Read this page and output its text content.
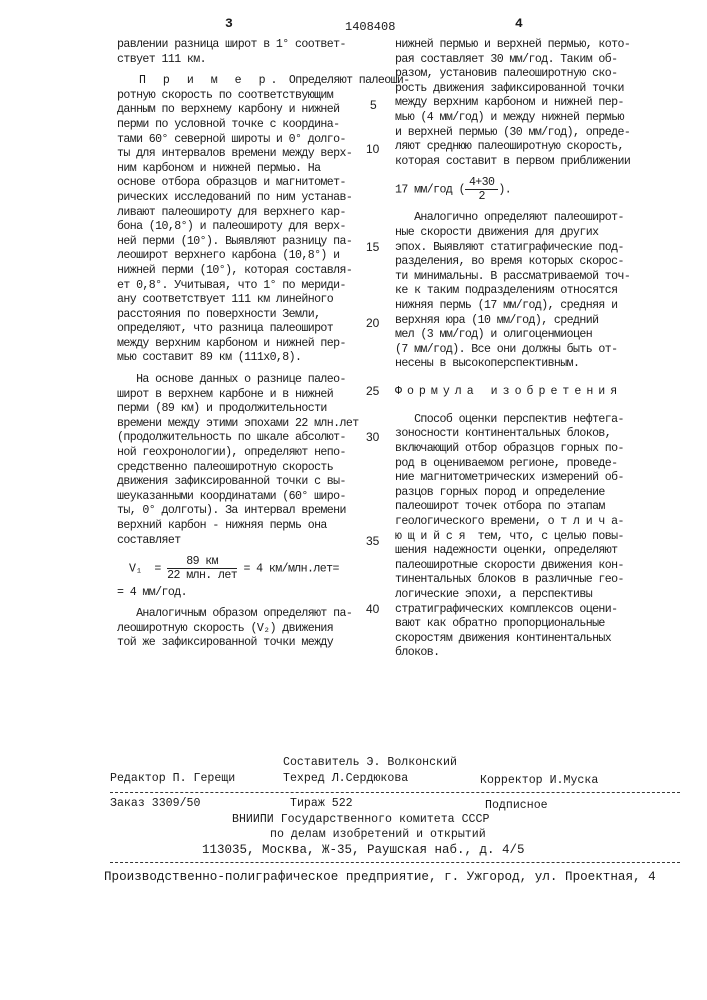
3	1408408	4
равлении разница широт в 1° соответ-
ствует 111 км.
П р и м е р. Определяют палеоши-
ротную скорость по соответствующим
данным по верхнему карбону и нижней
перми по условной точке с координа-
тами 60° северной широты и 0° долго-
ты для интервалов времени между верх-
ним карбоном и нижней пермью. На
основе отбора образцов и магнитомет-
рических исследований по ним устанав-
ливают палеошироту для верхнего кар-
бона (10,8°) и палеошироту для верх-
ней перми (10°). Выявляют разницу па-
леоширот верхнего карбона (10,8°) и
нижней перми (10°), которая составля-
ет 0,8°. Учитывая, что 1° по мериди-
ану соответствует 111 км линейного
расстояния по поверхности Земли,
определяют, что разница палеоширот
между верхним карбоном и нижней пер-
мью составит 89 км (111х0,8).
На основе данных о разнице палео-
широт в верхнем карбоне и в нижней
перми (89 км) и продолжительности
времени между этими эпохами 22 млн.лет
(продолжительность по шкале абсолют-
ной геохронологии), определяют непо-
средственно палеоширотную скорость
движения зафиксированной точки с вы-
шеуказанными координатами (60° широ-
ты, 0° долготы). За интервал времени
верхний карбон - нижняя пермь она
составляет
V₁  =
89 км
22 млн. лет = 4 км/млн.лет=
= 4 мм/год.
Аналогичным образом определяют па-
леоширотную скорость (V₂) движения
той же зафиксированной точки между
5
10
15
20
25
30
35
40
нижней пермью и верхней пермью, кото-
рая составляет 30 мм/год. Таким об-
разом, установив палеоширотную ско-
рость движения зафиксированной точки
между верхним карбоном и нижней пер-
мью (4 мм/год) и между нижней пермью
и верхней пермью (30 мм/год), опреде-
ляют среднюю палеоширотную скорость,
которая составит в первом приближении
17 мм/год (
4+30
2	).
Аналогично определяют палеоширот-
ные скорости движения для других
эпох. Выявляют статиграфические под-
разделения, во время которых скорос-
ти минимальны. В рассматриваемой точ-
ке к таким подразделениям относятся
нижняя пермь (17 мм/год), средняя и
верхняя юра (10 мм/год), средний
мел (3 мм/год) и олигоценмиоцен
(7 мм/год). Все они должны быть от-
несены в высокоперспективным.
Формула изобретения
Способ оценки перспектив нефтега-
зоносности континентальных блоков,
включающий отбор образцов горных по-
род в оцениваемом регионе, проведе-
ние магнитометрических измерений об-
разцов горных пород и определение
палеоширот точек отбора по этапам
геологического времени, о т л и ч а-
ю щ и й с я  тем, что, с целью повы-
шения надежности оценки, определяют
палеоширотные скорости движения кон-
тинентальных блоков в различные гео-
логические эпохи, а перспективы
стратиграфических комплексов оцени-
вают как обратно пропорциональные
скоростям движения континентальных
блоков.
Составитель Э. Волконский
Редактор П. Герещи	Техред Л.Сердюкова	Корректор И.Муска
Заказ 3309/50	Тираж 522	Подписное
ВНИИПИ Государственного комитета СССР
по делам изобретений и открытий
113035, Москва, Ж-35, Раушская наб., д. 4/5
Производственно-полиграфическое предприятие, г. Ужгород, ул. Проектная, 4
